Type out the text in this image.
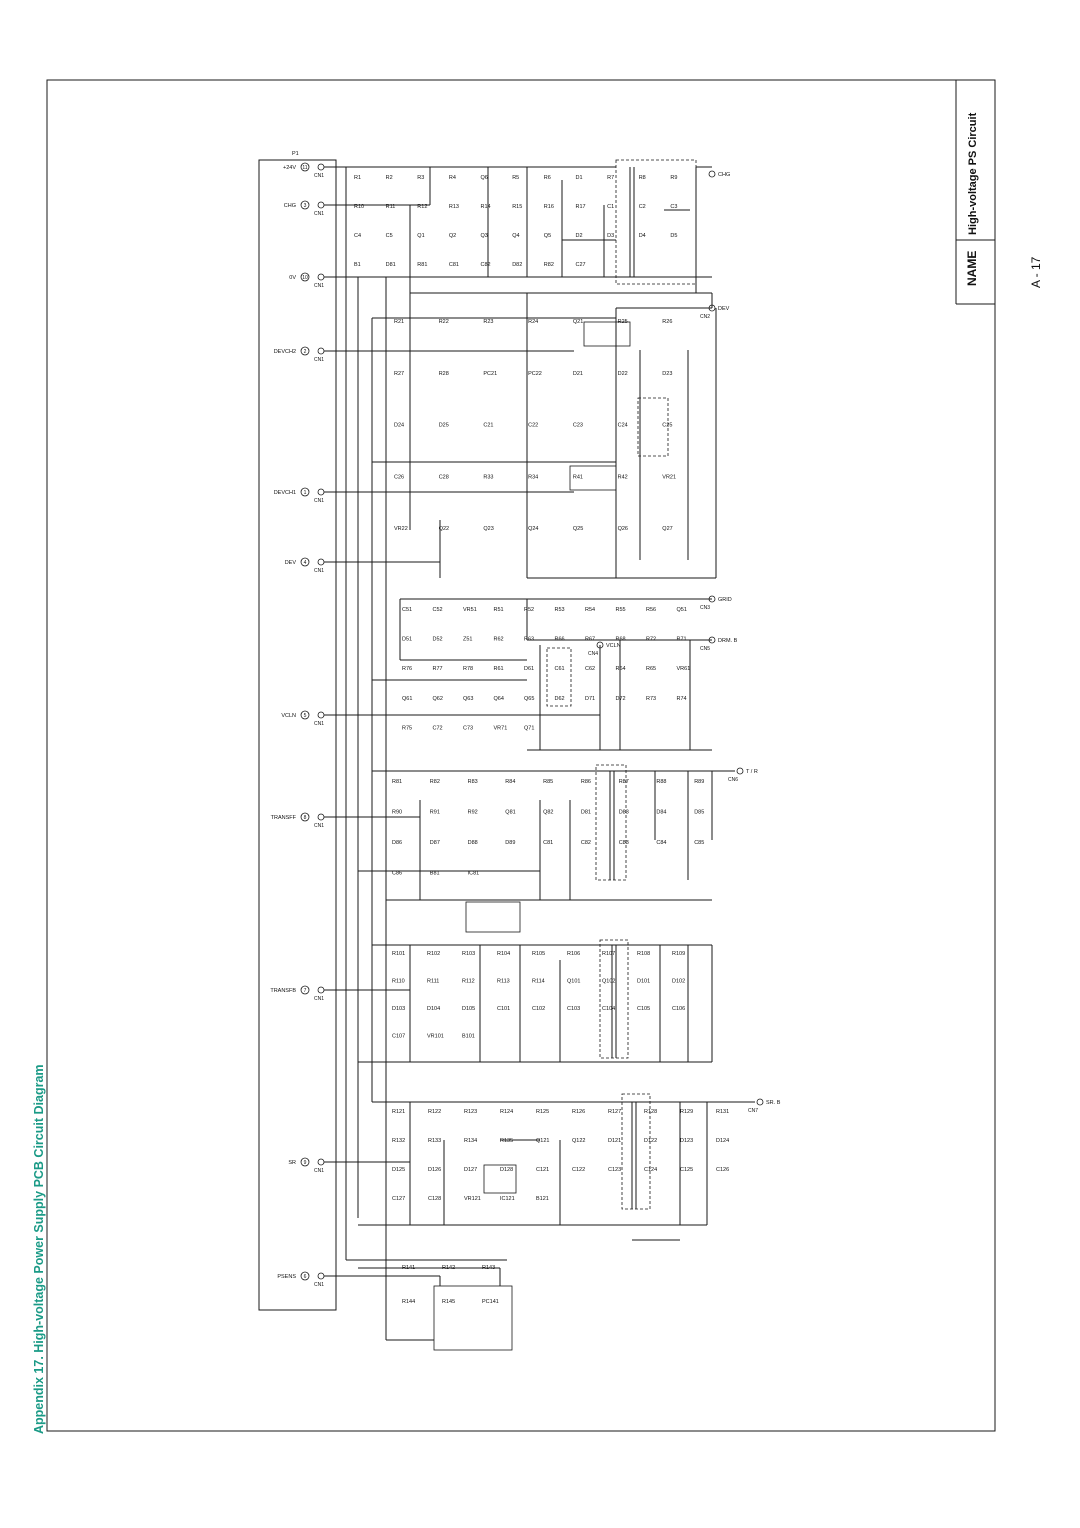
NAME
High-voltage PS Circuit
A - 17
Appendix 17. High-voltage Power Supply PCB Circuit Diagram
P1
+24V 11
CN1
CHG 3
CN1
0V 10
CN1
DEVCH2 2
CN1
DEVCH1 1
CN1
DEV 4
CN1
VCLN 5
CN1
TRANSFF 8
CN1
TRANSFB 7
CN1
SR 9
CN1
PSENS 6
CN1
CHG
DEV
CN2
GRID
CN3
VCLN
CN4
DRM. B
CN5
T / R
CN6
SR. B
CN7
R1	R2	R3	R4	Q6	R5	R6	D1	R7	R8	R9
R10	R11	R12	R13	R14	R15	R16	R17	C1	C2	C3
C4	C5	Q1	Q2	Q3	Q4	Q5	D2	D3	D4	D5
B1	D81	R81	C81	C82	D82	R82	C27
R21	R22	R23	R24	Q21	R25	R26
R27	R28	PC21	PC22	D21	D22	D23
D24	D25	C21	C22	C23	C24	C25
C26	C28	R33	R34	R41	R42	VR21
VR22	Q22	Q23	Q24	Q25	Q26	Q27
C51	C52	VR51	R51	R52	R53	R54	R55	R56	Q51
D51	D52	Z51	R62	R63	R66	R67	R68	R72	R71
R76	R77	R78	R61	D61	C61	C62	R64	R65	VR61
Q61	Q62	Q63	Q64	Q65	D62	D71	D72	R73	R74
R75	C72	C73	VR71	Q71
R81	R82	R83	R84	R85	R86	R87	R88	R89
R90	R91	R92	Q81	Q82	D81	D83	D84	D85
D86	D87	D88	D89	C81	C82	C83	C84	C85
C86	B81	IC81
R101	R102	R103	R104	R105	R106	R107	R108	R109
R110	R111	R112	R113	R114	Q101	Q102	D101	D102
D103	D104	D105	C101	C102	C103	C104	C105	C106
C107	VR101	B101
R121	R122	R123	R124	R125	R126	R127	R128	R129	R131
R132	R133	R134	R135	Q121	Q122	D121	D122	D123	D124
D125	D126	D127	D128	C121	C122	C123	C124	C125	C126
C127	C128	VR121	IC121	B121
R141	R142	R143
R144	R145	PC141
